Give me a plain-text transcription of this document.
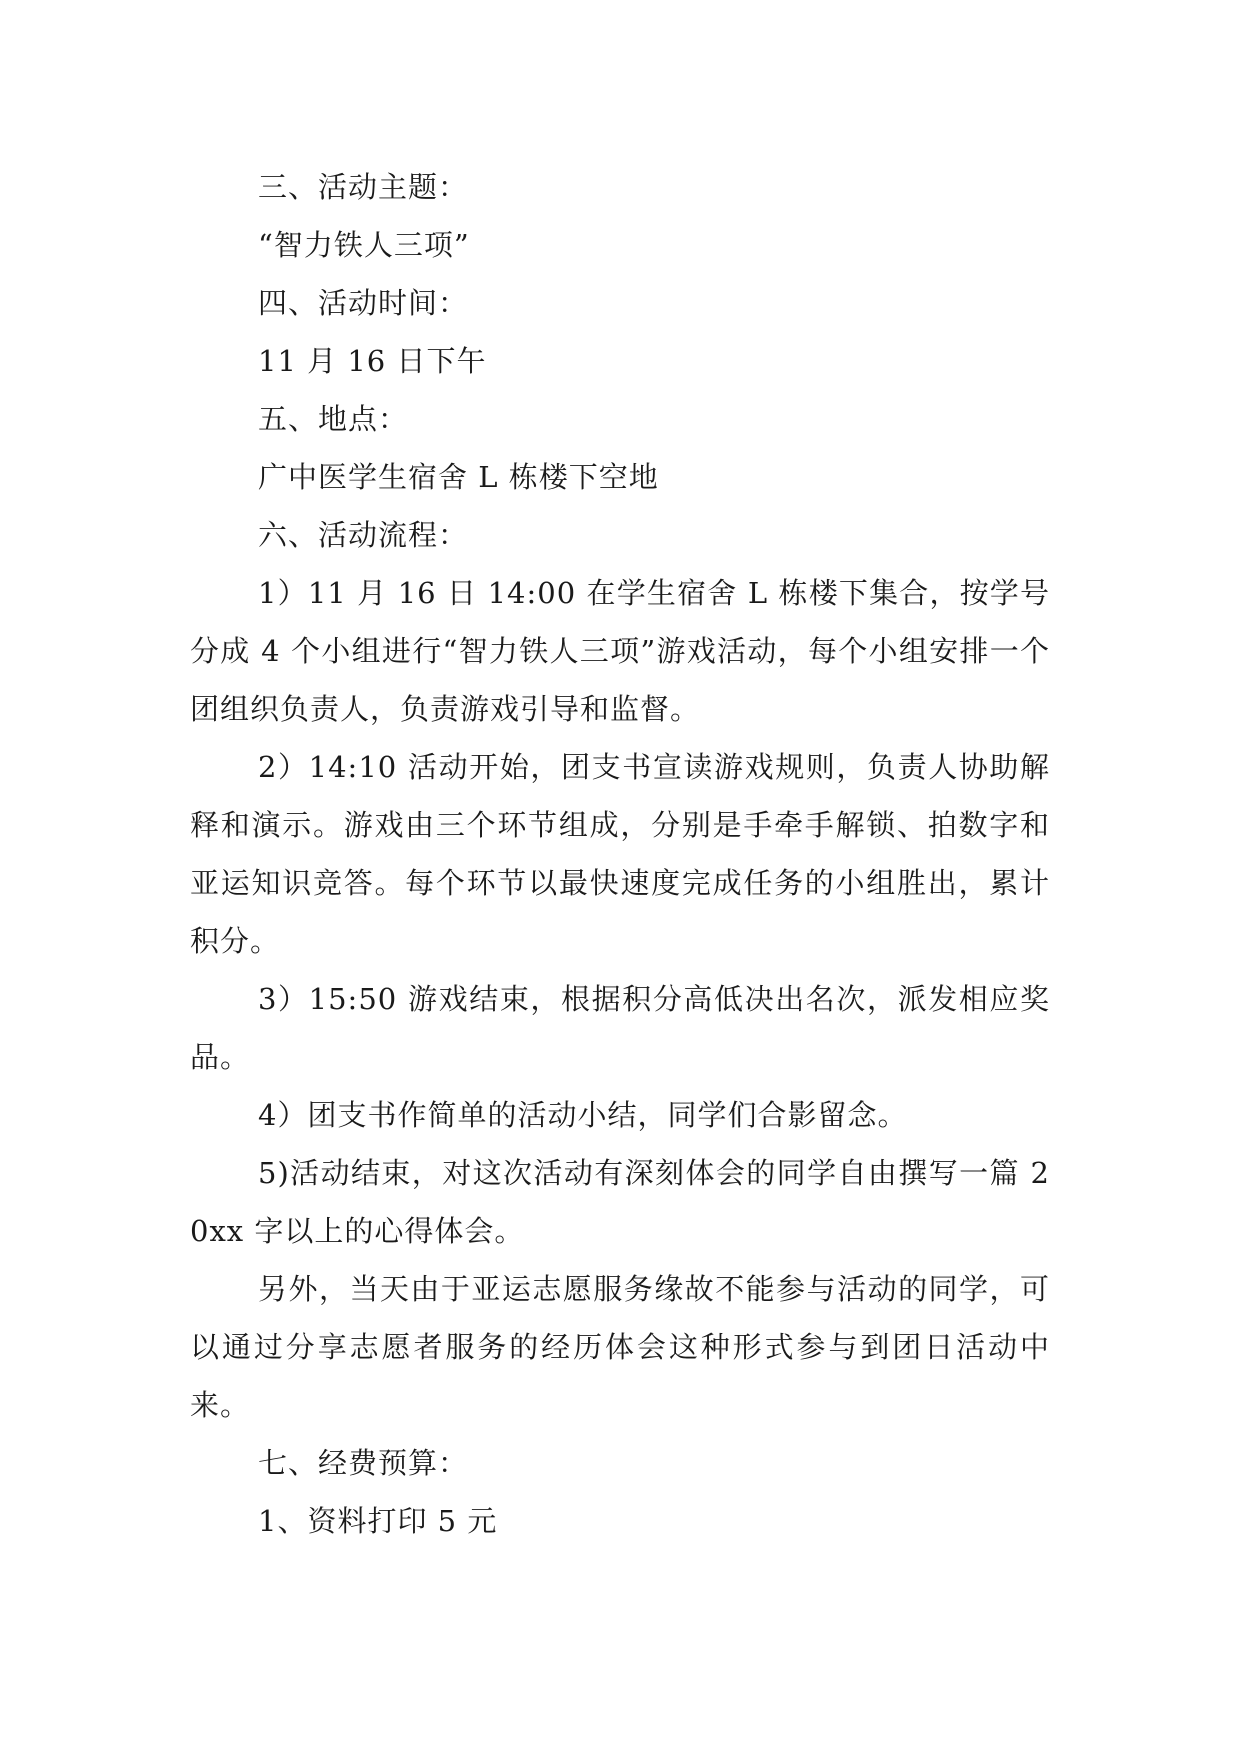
三、活动主题：

“智力铁人三项”

四、活动时间：

11 月 16 日下午

五、地点：

广中医学生宿舍 L 栋楼下空地

六、活动流程：

1）11 月 16 日 14:00 在学生宿舍 L 栋楼下集合，按学号分成 4 个小组进行“智力铁人三项”游戏活动，每个小组安排一个团组织负责人，负责游戏引导和监督。

2）14:10 活动开始，团支书宣读游戏规则，负责人协助解释和演示。游戏由三个环节组成，分别是手牵手解锁、拍数字和亚运知识竞答。每个环节以最快速度完成任务的小组胜出，累计积分。

3）15:50 游戏结束，根据积分高低决出名次，派发相应奖品。

4）团支书作简单的活动小结，同学们合影留念。

5)活动结束，对这次活动有深刻体会的同学自由撰写一篇 20xx 字以上的心得体会。

另外，当天由于亚运志愿服务缘故不能参与活动的同学，可以通过分享志愿者服务的经历体会这种形式参与到团日活动中来。

七、经费预算：

1、资料打印 5 元
